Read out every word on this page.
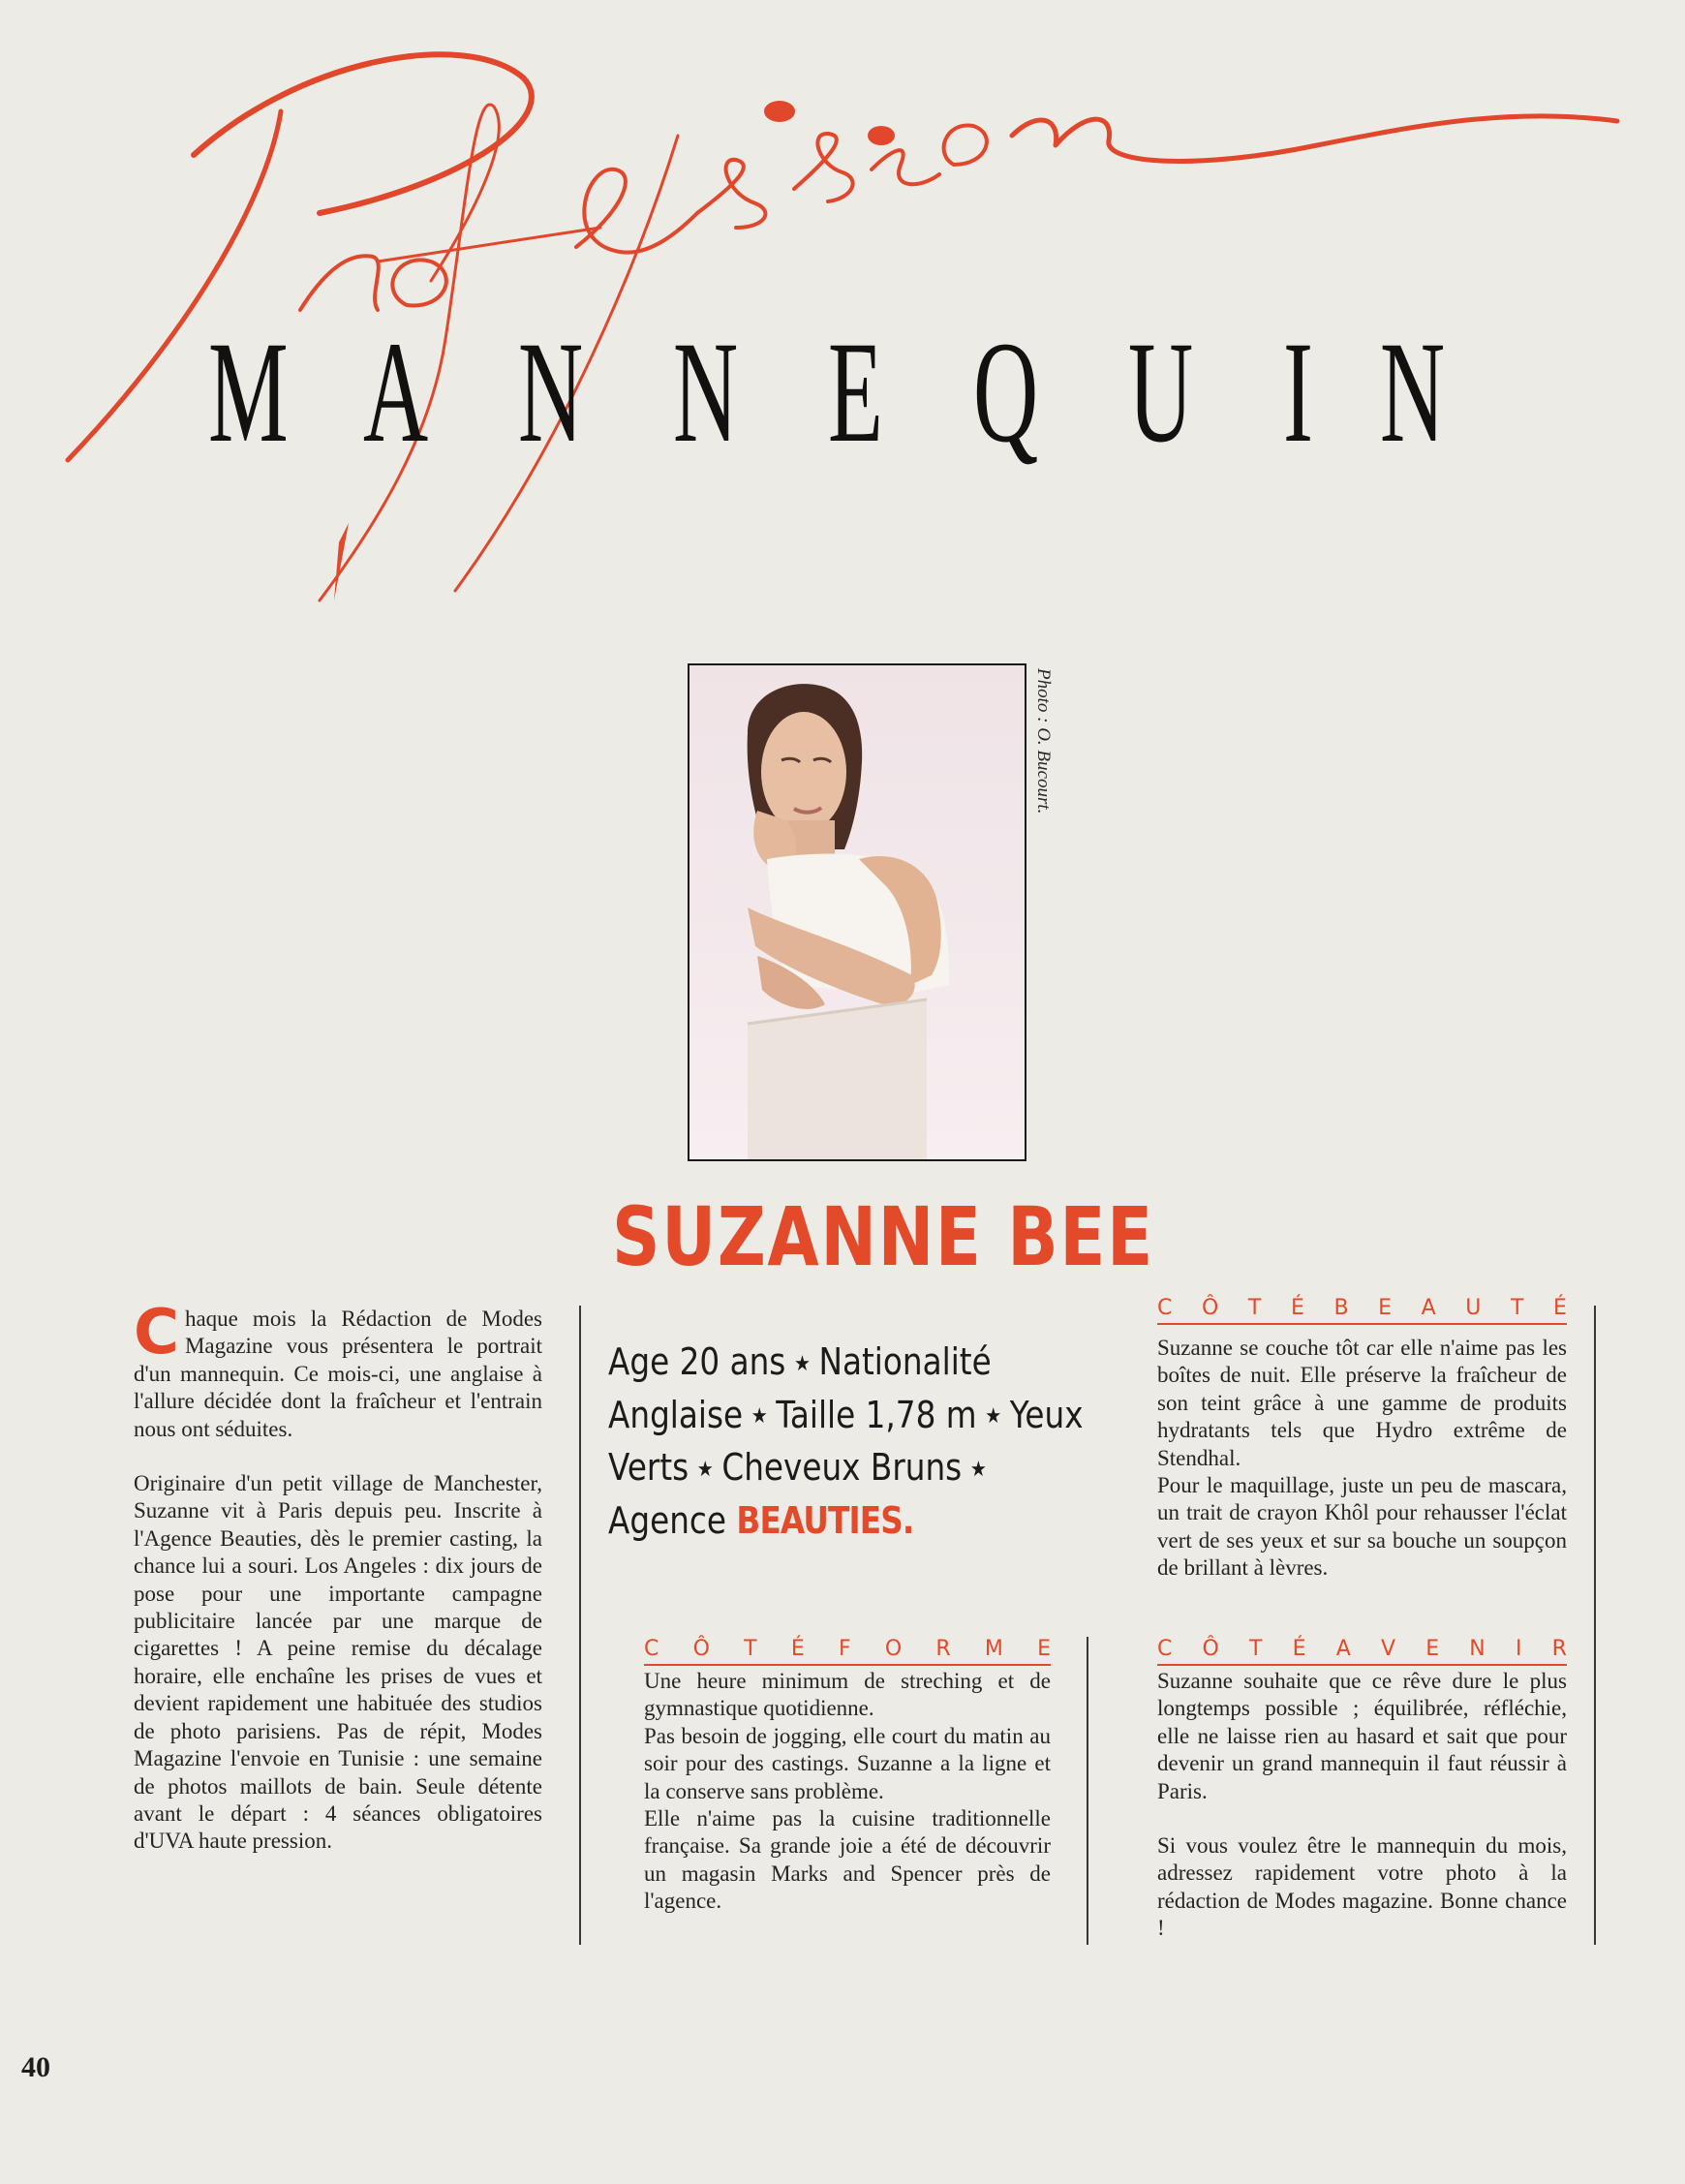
M A N N E Q U I N
Photo : O. Bucourt.
SUZANNE BEE

Chaque mois la Rédaction de Modes Magazine vous présentera le portrait d'un mannequin. Ce mois-ci, une anglaise à l'allure décidée dont la fraîcheur et l'entrain nous ont séduites.

Originaire d'un petit village de Manchester, Suzanne vit à Paris depuis peu. Inscrite à l'Agence Beauties, dès le premier casting, la chance lui a souri. Los Angeles : dix jours de pose pour une importante campagne publicitaire lancée par une marque de cigarettes ! A peine remise du décalage horaire, elle enchaîne les prises de vues et devient rapidement une habituée des studios de photo parisiens. Pas de répit, Modes Magazine l'envoie en Tunisie : une semaine de photos maillots de bain. Seule détente avant le départ : 4 séances obligatoires d'UVA haute pression.

Age 20 ans ★ Nationalité
Anglaise ★ Taille 1,78 m ★ Yeux
Verts ★ Cheveux Bruns ★
Agence BEAUTIES.
C Ô T É F O R M E
Une heure minimum de streching et de gymnastique quotidienne.
Pas besoin de jogging, elle court du matin au soir pour des castings. Suzanne a la ligne et la conserve sans problème.
Elle n'aime pas la cuisine traditionnelle française. Sa grande joie a été de découvrir un magasin Marks and Spencer près de l'agence.
C Ô T É B E A U T É
Suzanne se couche tôt car elle n'aime pas les boîtes de nuit. Elle préserve la fraîcheur de son teint grâce à une gamme de produits hydratants tels que Hydro extrême de Stendhal.
Pour le maquillage, juste un peu de mascara, un trait de crayon Khôl pour rehausser l'éclat vert de ses yeux et sur sa bouche un soupçon de brillant à lèvres.
C Ô T É A V E N I R

Suzanne souhaite que ce rêve dure le plus longtemps possible ; équilibrée, réfléchie, elle ne laisse rien au hasard et sait que pour devenir un grand mannequin il faut réussir à Paris.

Si vous voulez être le mannequin du mois, adressez rapidement votre photo à la rédaction de Modes magazine. Bonne chance !

40
